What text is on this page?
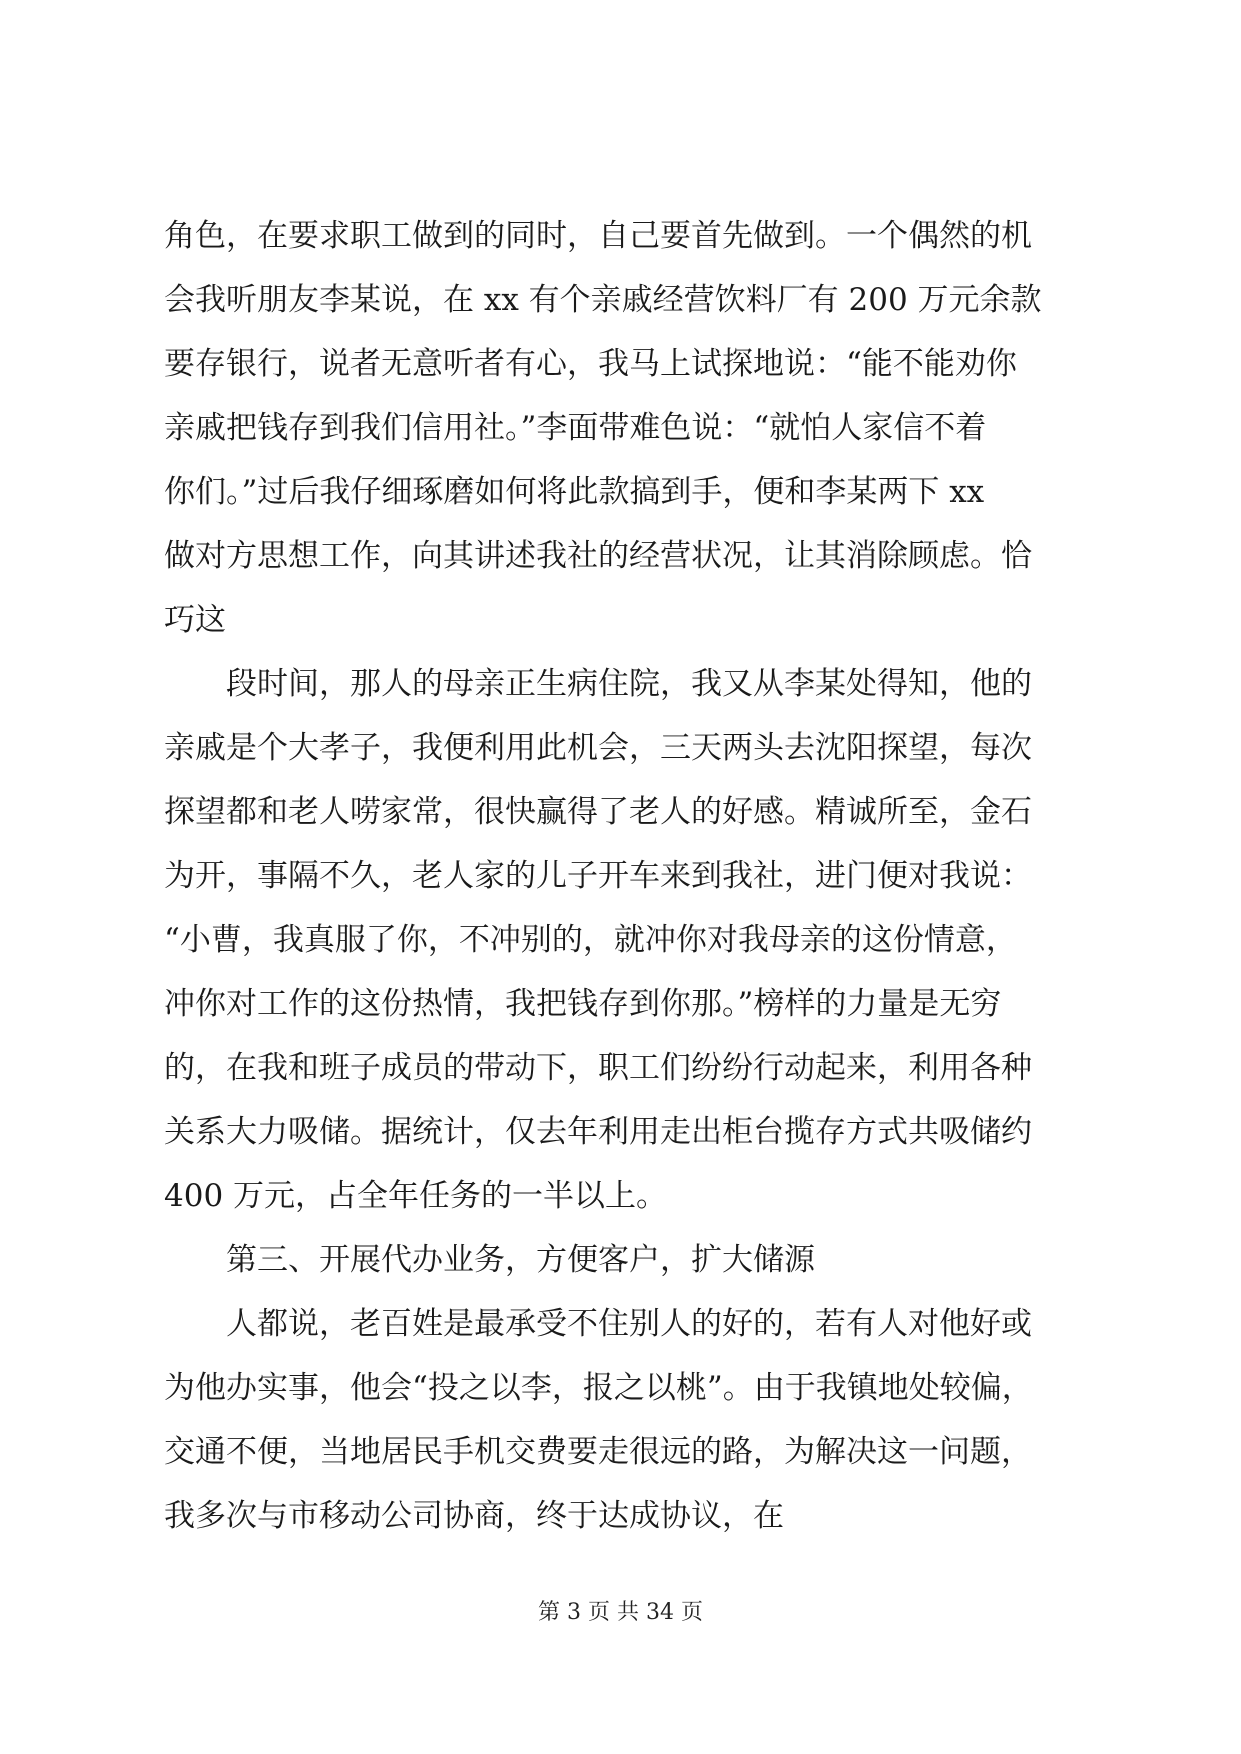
角色，在要求职工做到的同时，自己要首先做到。一个偶然的机

会我听朋友李某说，在 xx 有个亲戚经营饮料厂有 200 万元余款

要存银行，说者无意听者有心，我马上试探地说：“能不能劝你

亲戚把钱存到我们信用社。”李面带难色说：“就怕人家信不着

你们。”过后我仔细琢磨如何将此款搞到手，便和李某两下 xx

做对方思想工作，向其讲述我社的经营状况，让其消除顾虑。恰

巧这

　　段时间，那人的母亲正生病住院，我又从李某处得知，他的

亲戚是个大孝子，我便利用此机会，三天两头去沈阳探望，每次

探望都和老人唠家常，很快赢得了老人的好感。精诚所至，金石

为开，事隔不久，老人家的儿子开车来到我社，进门便对我说：

“小曹，我真服了你，不冲别的，就冲你对我母亲的这份情意，

冲你对工作的这份热情，我把钱存到你那。”榜样的力量是无穷

的，在我和班子成员的带动下，职工们纷纷行动起来，利用各种

关系大力吸储。据统计，仅去年利用走出柜台揽存方式共吸储约

400 万元，占全年任务的一半以上。

　　第三、开展代办业务，方便客户，扩大储源

　　人都说，老百姓是最承受不住别人的好的，若有人对他好或

为他办实事，他会“投之以李，报之以桃”。由于我镇地处较偏，

交通不便，当地居民手机交费要走很远的路，为解决这一问题，

我多次与市移动公司协商，终于达成协议，在

第 3 页 共 34 页
